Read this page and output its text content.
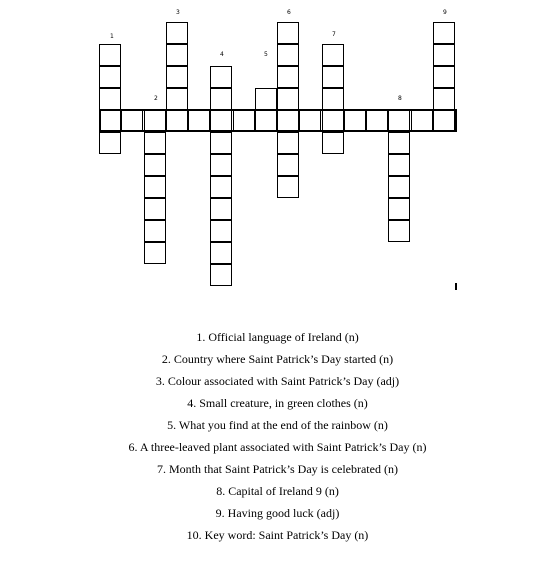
1
2
3
4	5
6
7
8
9
1. Official language of Ireland (n)
2. Country where Saint Patrick’s Day started (n)
3. Colour associated with Saint Patrick’s Day (adj)
4. Small creature, in green clothes (n)
5. What you find at the end of the rainbow (n)
6. A three-leaved plant associated with Saint Patrick’s Day (n)
7. Month that Saint Patrick’s Day is celebrated (n)
8. Capital of Ireland 9 (n)
9. Having good luck (adj)
10. Key word: Saint Patrick’s Day (n)
